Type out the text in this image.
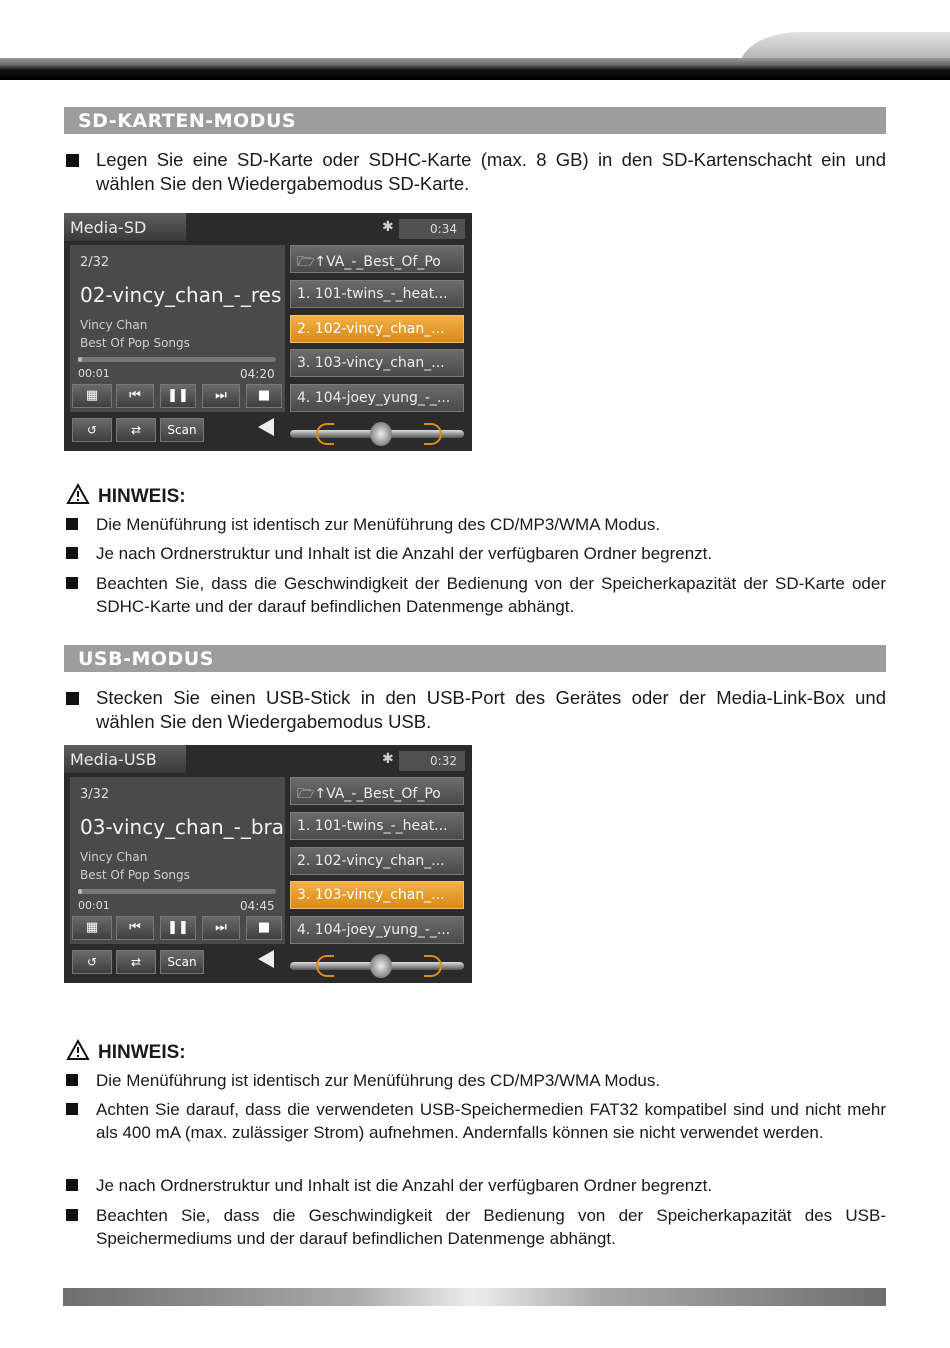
SD-KARTEN-MODUS
Legen Sie eine SD-Karte oder SDHC-Karte (max. 8 GB) in den SD-Kartenschacht ein und wählen Sie den Wiedergabemodus SD-Karte.
Media-SD	✱	0:34
2/32
02-vincy_chan_-_res
Vincy Chan
Best Of Pop Songs
00:01	04:20
▦	⏮	❚❚	⏭	■
↺	⇄	Scan
🗁↑VA_-_Best_Of_Po
1. 101-twins_-_heat...
2. 102-vincy_chan_...
3. 103-vincy_chan_...
4. 104-joey_yung_-_...
HINWEIS:
Die Menüführung ist identisch zur Menüführung des CD/MP3/WMA Modus.
Je nach Ordnerstruktur und Inhalt ist die Anzahl der verfügbaren Ordner begrenzt.
Beachten Sie, dass die Geschwindigkeit der Bedienung von der Speicherkapazität der SD-Karte oder SDHC-Karte und der darauf befindlichen Datenmenge abhängt.
USB-MODUS
Stecken Sie einen USB-Stick in den USB-Port des Gerätes oder der Media-Link-Box und wählen Sie den Wiedergabemodus USB.
Media-USB	✱	0:32
3/32
03-vincy_chan_-_bra
Vincy Chan
Best Of Pop Songs
00:01	04:45
▦	⏮	❚❚	⏭	■
↺	⇄	Scan
🗁↑VA_-_Best_Of_Po
1. 101-twins_-_heat...
2. 102-vincy_chan_...
3. 103-vincy_chan_...
4. 104-joey_yung_-_...
HINWEIS:
Die Menüführung ist identisch zur Menüführung des CD/MP3/WMA Modus.
Achten Sie darauf, dass die verwendeten USB-Speichermedien FAT32 kompatibel sind und nicht mehr als 400 mA (max. zulässiger Strom) aufnehmen. Andernfalls können sie nicht verwendet werden.
Je nach Ordnerstruktur und Inhalt ist die Anzahl der verfügbaren Ordner begrenzt.
Beachten Sie, dass die Geschwindigkeit der Bedienung von der Speicherkapazität des USB-Speichermediums und der darauf befindlichen Datenmenge abhängt.
